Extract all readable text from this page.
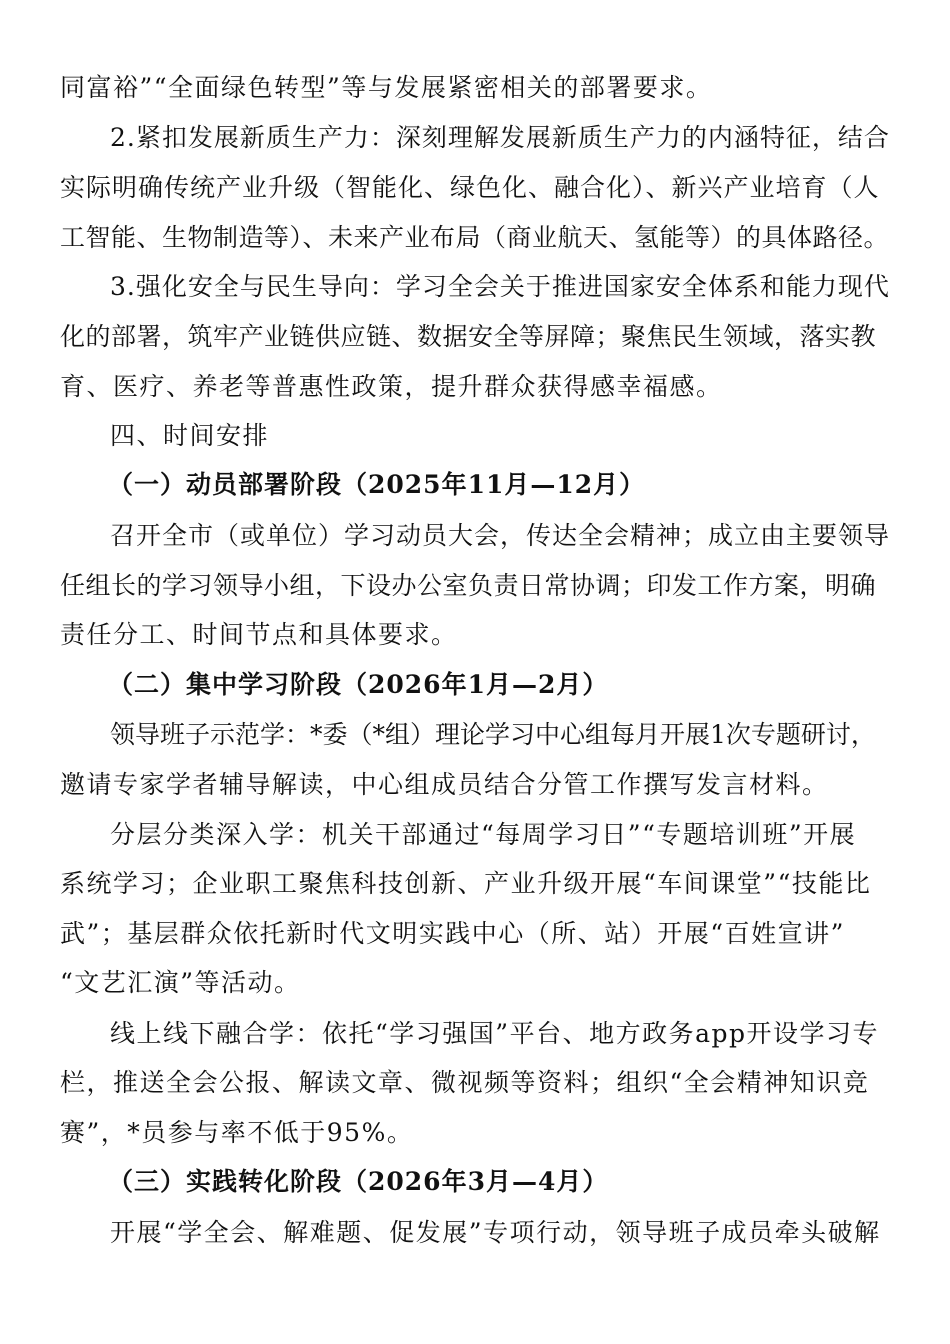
同富裕”“全面绿色转型”等与发展紧密相关的部署要求。
2.紧扣发展新质生产力：深刻理解发展新质生产力的内涵特征，结合
实际明确传统产业升级（智能化、绿色化、融合化）、新兴产业培育（人
工智能、生物制造等）、未来产业布局（商业航天、氢能等）的具体路径。
3.强化安全与民生导向：学习全会关于推进国家安全体系和能力现代
化的部署，筑牢产业链供应链、数据安全等屏障；聚焦民生领域，落实教
育、医疗、养老等普惠性政策，提升群众获得感幸福感。
四、时间安排
（一）动员部署阶段（2025年11月—12月）
召开全市（或单位）学习动员大会，传达全会精神；成立由主要领导
任组长的学习领导小组，下设办公室负责日常协调；印发工作方案，明确
责任分工、时间节点和具体要求。
（二）集中学习阶段（2026年1月—2月）
领导班子示范学：*委（*组）理论学习中心组每月开展1次专题研讨，
邀请专家学者辅导解读，中心组成员结合分管工作撰写发言材料。
分层分类深入学：机关干部通过“每周学习日”“专题培训班”开展
系统学习；企业职工聚焦科技创新、产业升级开展“车间课堂”“技能比
武”；基层群众依托新时代文明实践中心（所、站）开展“百姓宣讲”
“文艺汇演”等活动。
线上线下融合学：依托“学习强国”平台、地方政务app开设学习专
栏，推送全会公报、解读文章、微视频等资料；组织“全会精神知识竞
赛”，*员参与率不低于95%。
（三）实践转化阶段（2026年3月—4月）
开展“学全会、解难题、促发展”专项行动，领导班子成员牵头破解
